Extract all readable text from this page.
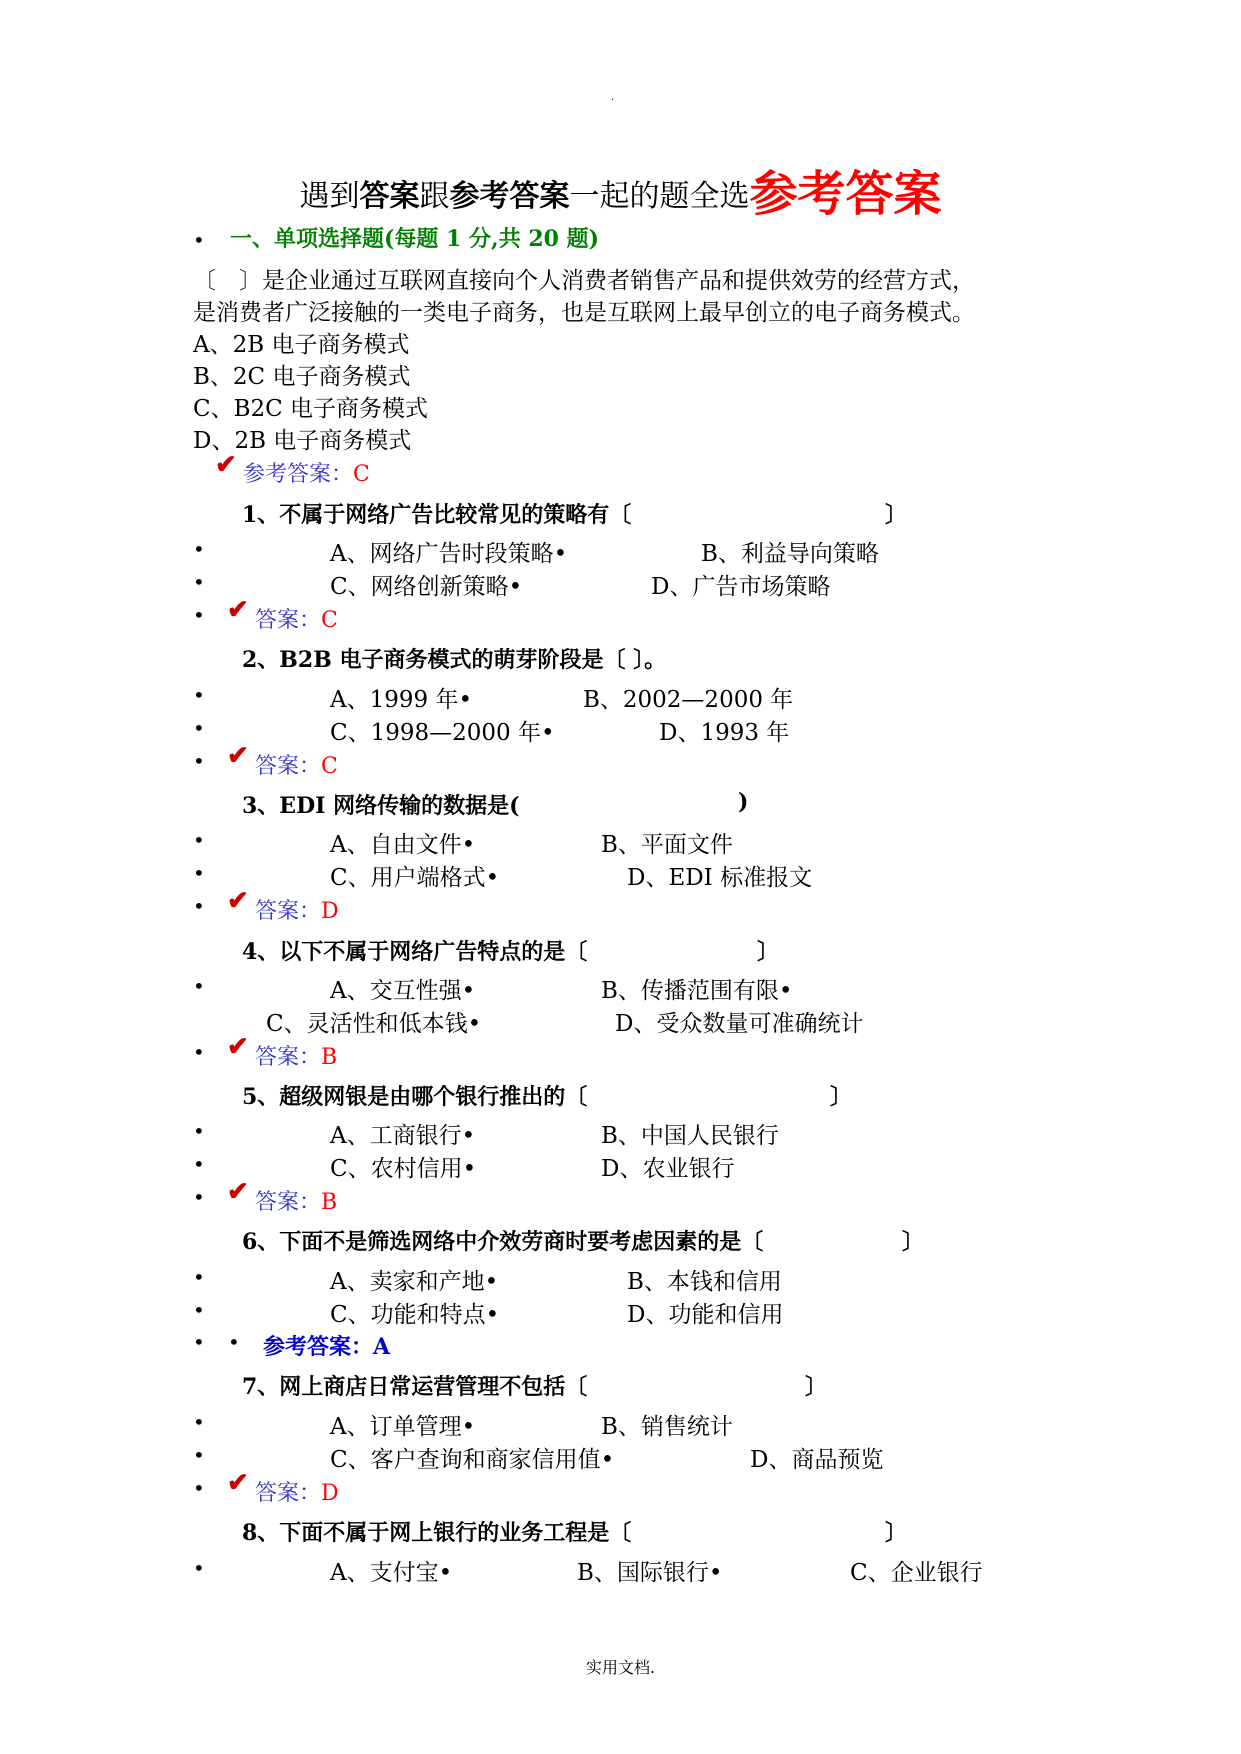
.
遇到答案跟参考答案一起的题全选参考答案
• 一、单项选择题(每题 1 分,共 20 题)
〔　〕是企业通过互联网直接向个人消费者销售产品和提供效劳的经营方式，
是消费者广泛接触的一类电子商务，也是互联网上最早创立的电子商务模式。
A、2B 电子商务模式
B、2C 电子商务模式
C、B2C 电子商务模式
D、2B 电子商务模式
✔ 参考答案：C
1、不属于网络广告比较常见的策略有〔	〕
•	A、网络广告时段策略•	B、利益导向策略
•	C、网络创新策略•	D、广告市场策略
• ✔ 答案：C
2、B2B 电子商务模式的萌芽阶段是〔 〕。
•	A、1999 年•	B、2002—2000 年
•	C、1998—2000 年•	D、1993 年
• ✔ 答案：C
3、EDI 网络传输的数据是(	)
•	A、自由文件•	B、平面文件
•	C、用户端格式•	D、EDI 标准报文
• ✔ 答案：D
4、以下不属于网络广告特点的是〔	〕
•	A、交互性强•	B、传播范围有限•
C、灵活性和低本钱•	D、受众数量可准确统计
• ✔ 答案：B
5、超级网银是由哪个银行推出的〔	〕
•	A、工商银行•	B、中国人民银行
•	C、农村信用•	D、农业银行
• ✔ 答案：B
6、下面不是筛选网络中介效劳商时要考虑因素的是〔	〕
•	A、卖家和产地•	B、本钱和信用
•	C、功能和特点•	D、功能和信用
• • 参考答案：A
7、网上商店日常运营管理不包括〔	〕
•	A、订单管理•	B、销售统计
•	C、客户查询和商家信用值•	D、商品预览
• ✔ 答案：D
8、下面不属于网上银行的业务工程是〔	〕
•	A、支付宝•	B、国际银行•	C、企业银行
实用文档.
